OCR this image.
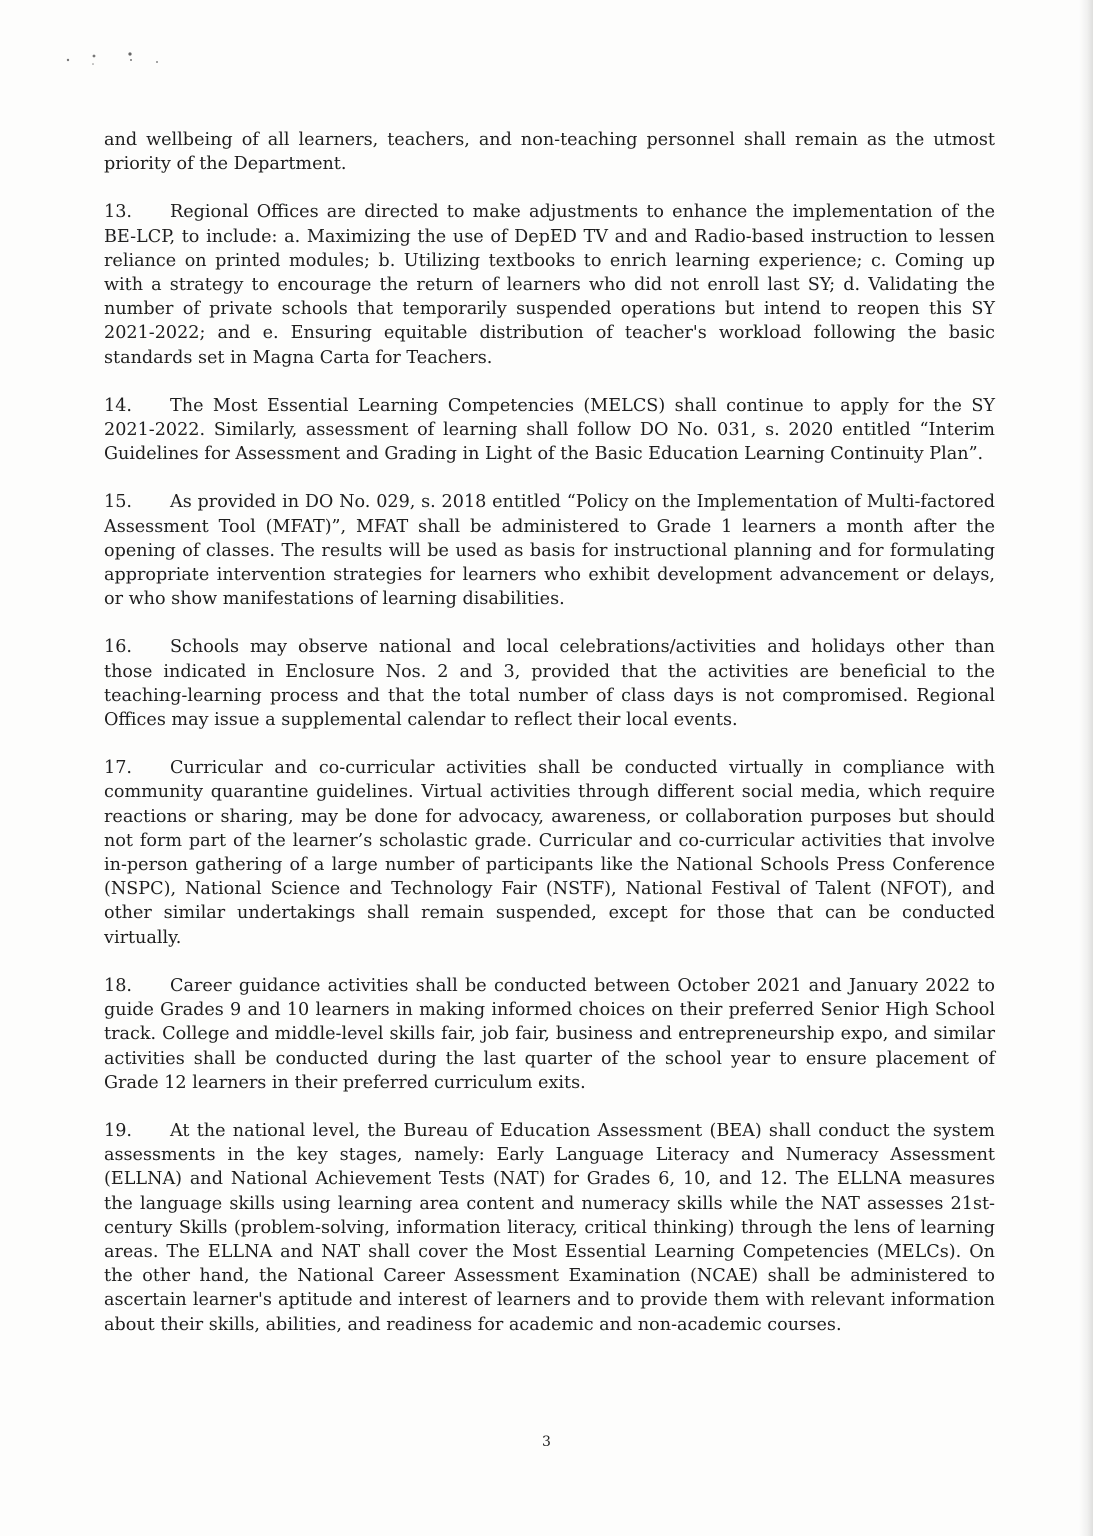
and wellbeing of all learners, teachers, and non-teaching personnel shall remain as the utmost priority of the Department.

13. Regional Offices are directed to make adjustments to enhance the implementation of the BE-LCP, to include: a. Maximizing the use of DepED TV and and Radio-based instruction to lessen reliance on printed modules; b. Utilizing textbooks to enrich learning experience; c. Coming up with a strategy to encourage the return of learners who did not enroll last SY; d. Validating the number of private schools that temporarily suspended operations but intend to reopen this SY 2021-2022; and e. Ensuring equitable distribution of teacher's workload following the basic standards set in Magna Carta for Teachers.

14. The Most Essential Learning Competencies (MELCS) shall continue to apply for the SY 2021-2022. Similarly, assessment of learning shall follow DO No. 031, s. 2020 entitled “Interim Guidelines for Assessment and Grading in Light of the Basic Education Learning Continuity Plan”.

15. As provided in DO No. 029, s. 2018 entitled “Policy on the Implementation of Multi-factored Assessment Tool (MFAT)”, MFAT shall be administered to Grade 1 learners a month after the opening of classes. The results will be used as basis for instructional planning and for formulating appropriate intervention strategies for learners who exhibit development advancement or delays, or who show manifestations of learning disabilities.

16. Schools may observe national and local celebrations/activities and holidays other than those indicated in Enclosure Nos. 2 and 3, provided that the activities are beneficial to the teaching-learning process and that the total number of class days is not compromised. Regional Offices may issue a supplemental calendar to reflect their local events.

17. Curricular and co-curricular activities shall be conducted virtually in compliance with community quarantine guidelines. Virtual activities through different social media, which require reactions or sharing, may be done for advocacy, awareness, or collaboration purposes but should not form part of the learner’s scholastic grade. Curricular and co-curricular activities that involve in-person gathering of a large number of participants like the National Schools Press Conference (NSPC), National Science and Technology Fair (NSTF), National Festival of Talent (NFOT), and other similar undertakings shall remain suspended, except for those that can be conducted virtually.

18. Career guidance activities shall be conducted between October 2021 and January 2022 to guide Grades 9 and 10 learners in making informed choices on their preferred Senior High School track. College and middle-level skills fair, job fair, business and entrepreneurship expo, and similar activities shall be conducted during the last quarter of the school year to ensure placement of Grade 12 learners in their preferred curriculum exits.

19. At the national level, the Bureau of Education Assessment (BEA) shall conduct the system assessments in the key stages, namely: Early Language Literacy and Numeracy Assessment (ELLNA) and National Achievement Tests (NAT) for Grades 6, 10, and 12. The ELLNA measures the language skills using learning area content and numeracy skills while the NAT assesses 21st-century Skills (problem-solving, information literacy, critical thinking) through the lens of learning areas. The ELLNA and NAT shall cover the Most Essential Learning Competencies (MELCs). On the other hand, the National Career Assessment Examination (NCAE) shall be administered to ascertain learner's aptitude and interest of learners and to provide them with relevant information about their skills, abilities, and readiness for academic and non-academic courses.

3
